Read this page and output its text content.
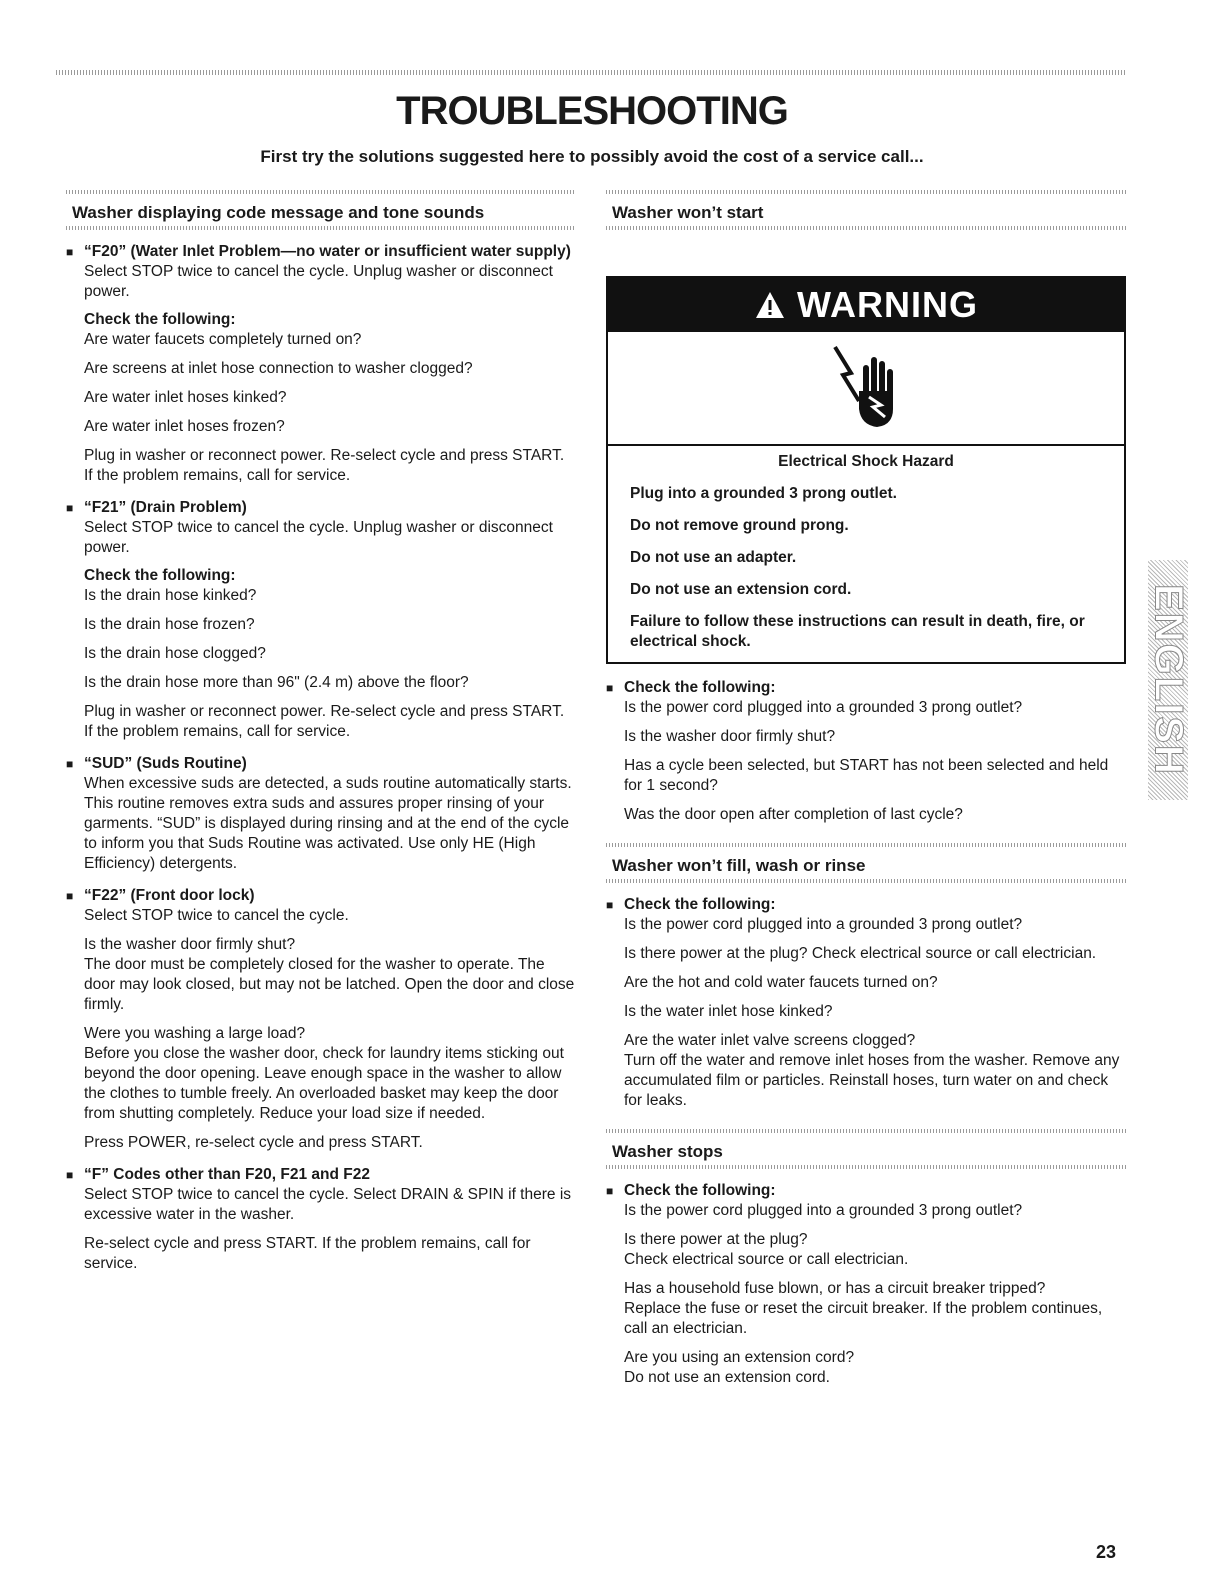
TROUBLESHOOTING

First try the solutions suggested here to possibly avoid the cost of a service call...

Washer displaying code message and tone sounds
■ “F20” (Water Inlet Problem—no water or insufficient water supply)
Select STOP twice to cancel the cycle. Unplug washer or disconnect power.
Check the following:
Are water faucets completely turned on?
Are screens at inlet hose connection to washer clogged?
Are water inlet hoses kinked?
Are water inlet hoses frozen?
Plug in washer or reconnect power. Re-select cycle and press START. If the problem remains, call for service.
■ “F21” (Drain Problem)
Select STOP twice to cancel the cycle. Unplug washer or disconnect power.
Check the following:
Is the drain hose kinked?
Is the drain hose frozen?
Is the drain hose clogged?
Is the drain hose more than 96" (2.4 m) above the floor?
Plug in washer or reconnect power. Re-select cycle and press START. If the problem remains, call for service.
■ “SUD” (Suds Routine)
When excessive suds are detected, a suds routine automatically starts. This routine removes extra suds and assures proper rinsing of your garments. “SUD” is displayed during rinsing and at the end of the cycle to inform you that Suds Routine was activated. Use only HE (High Efficiency) detergents.
■ “F22” (Front door lock)
Select STOP twice to cancel the cycle.
Is the washer door firmly shut?
The door must be completely closed for the washer to operate. The door may look closed, but may not be latched. Open the door and close firmly.
Were you washing a large load?
Before you close the washer door, check for laundry items sticking out beyond the door opening. Leave enough space in the washer to allow the clothes to tumble freely. An overloaded basket may keep the door from shutting completely. Reduce your load size if needed.
Press POWER, re-select cycle and press START.
■ “F” Codes other than F20, F21 and F22
Select STOP twice to cancel the cycle. Select DRAIN & SPIN if there is excessive water in the washer.
Re-select cycle and press START. If the problem remains, call for service.
Washer won’t start
WARNING
Electrical Shock Hazard
Plug into a grounded 3 prong outlet.
Do not remove ground prong.
Do not use an adapter.
Do not use an extension cord.
Failure to follow these instructions can result in death, fire, or electrical shock.
■ Check the following:
Is the power cord plugged into a grounded 3 prong outlet?
Is the washer door firmly shut?
Has a cycle been selected, but START has not been selected and held for 1 second?
Was the door open after completion of last cycle?
Washer won’t fill, wash or rinse
■ Check the following:
Is the power cord plugged into a grounded 3 prong outlet?
Is there power at the plug? Check electrical source or call electrician.
Are the hot and cold water faucets turned on?
Is the water inlet hose kinked?
Are the water inlet valve screens clogged?
Turn off the water and remove inlet hoses from the washer. Remove any accumulated film or particles. Reinstall hoses, turn water on and check for leaks.
Washer stops
■ Check the following:
Is the power cord plugged into a grounded 3 prong outlet?
Is there power at the plug?
Check electrical source or call electrician.
Has a household fuse blown, or has a circuit breaker tripped?
Replace the fuse or reset the circuit breaker. If the problem continues, call an electrician.
Are you using an extension cord?
Do not use an extension cord.
ENGLISH
23
